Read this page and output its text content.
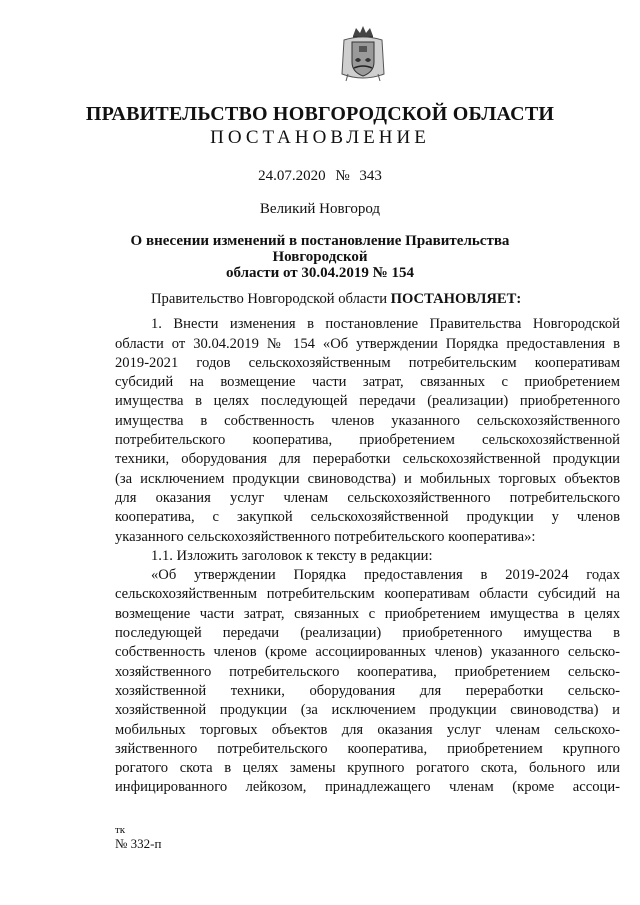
ПРАВИТЕЛЬСТВО НОВГОРОДСКОЙ ОБЛАСТИ
ПОСТАНОВЛЕНИЕ
24.07.2020 № 343
Великий Новгород
О внесении изменений в постановление Правительства Новгородской
области от 30.04.2019 № 154

Правительство Новгородской области ПОСТАНОВЛЯЕТ:

1. Внести изменения в постановление Правительства Новгородской
области от 30.04.2019 № 154 «Об утверждении Порядка предоставления в
2019-2021 годов сельскохозяйственным потребительским кооперативам
субсидий на возмещение части затрат, связанных с приобретением
имущества в целях последующей передачи (реализации) приобретенного
имущества в собственность членов указанного сельскохозяйственного
потребительского кооператива, приобретением сельскохозяйственной
техники, оборудования для переработки сельскохозяйственной продукции
(за исключением продукции свиноводства) и мобильных торговых объектов
для оказания услуг членам сельскохозяйственного потребительского
кооператива, с закупкой сельскохозяйственной продукции у членов
указанного сельскохозяйственного потребительского кооператива»:
1.1. Изложить заголовок к тексту в редакции:
«Об утверждении Порядка предоставления в 2019-2024 годах
сельскохозяйственным потребительским кооперативам области субсидий на
возмещение части затрат, связанных с приобретением имущества в целях
последующей передачи (реализации) приобретенного имущества в
собственность членов (кроме ассоциированных членов) указанного сельско-
хозяйственного потребительского кооператива, приобретением сельско-
хозяйственной техники, оборудования для переработки сельско-
хозяйственной продукции (за исключением продукции свиноводства) и
мобильных торговых объектов для оказания услуг членам сельскохо-
зяйственного потребительского кооператива, приобретением крупного
рогатого скота в целях замены крупного рогатого скота, больного или
инфицированного лейкозом, принадлежащего членам (кроме ассоци-
тк
№ 332-п
